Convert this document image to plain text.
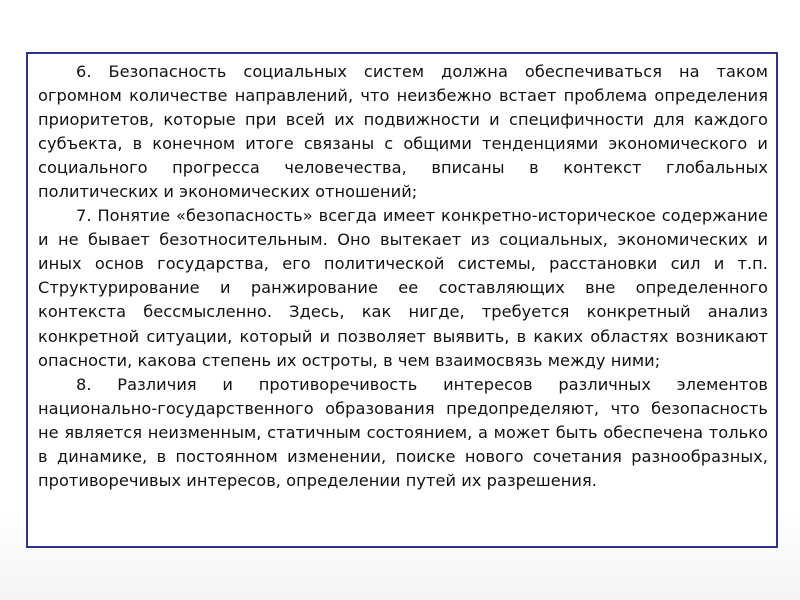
6. Безопасность социальных систем должна обеспечиваться на таком огромном количестве направлений, что неизбежно встает проблема определения приоритетов, которые при всей их подвижности и специфичности для каждого субъекта, в конечном итоге связаны с общими тенденциями экономического и социального прогресса человечества, вписаны в контекст глобальных политических и экономических отношений;

7. Понятие «безопасность» всегда имеет конкретно-историческое содержание и не бывает безотносительным. Оно вытекает из социальных, экономических и иных основ государства, его политической системы, расстановки сил и т.п. Структурирование и ранжирование ее составляющих вне определенного контекста бессмысленно. Здесь, как нигде, требуется конкретный анализ конкретной ситуации, который и позволяет выявить, в каких областях возникают опасности, какова степень их остроты, в чем взаимосвязь между ними;

8. Различия и противоречивость интересов различных элементов национально-государственного образования предопределяют, что безопасность не является неизменным, статичным состоянием, а может быть обеспечена только в динамике, в постоянном изменении, поиске нового сочетания разнообразных, противоречивых интересов, определении путей их разрешения.
